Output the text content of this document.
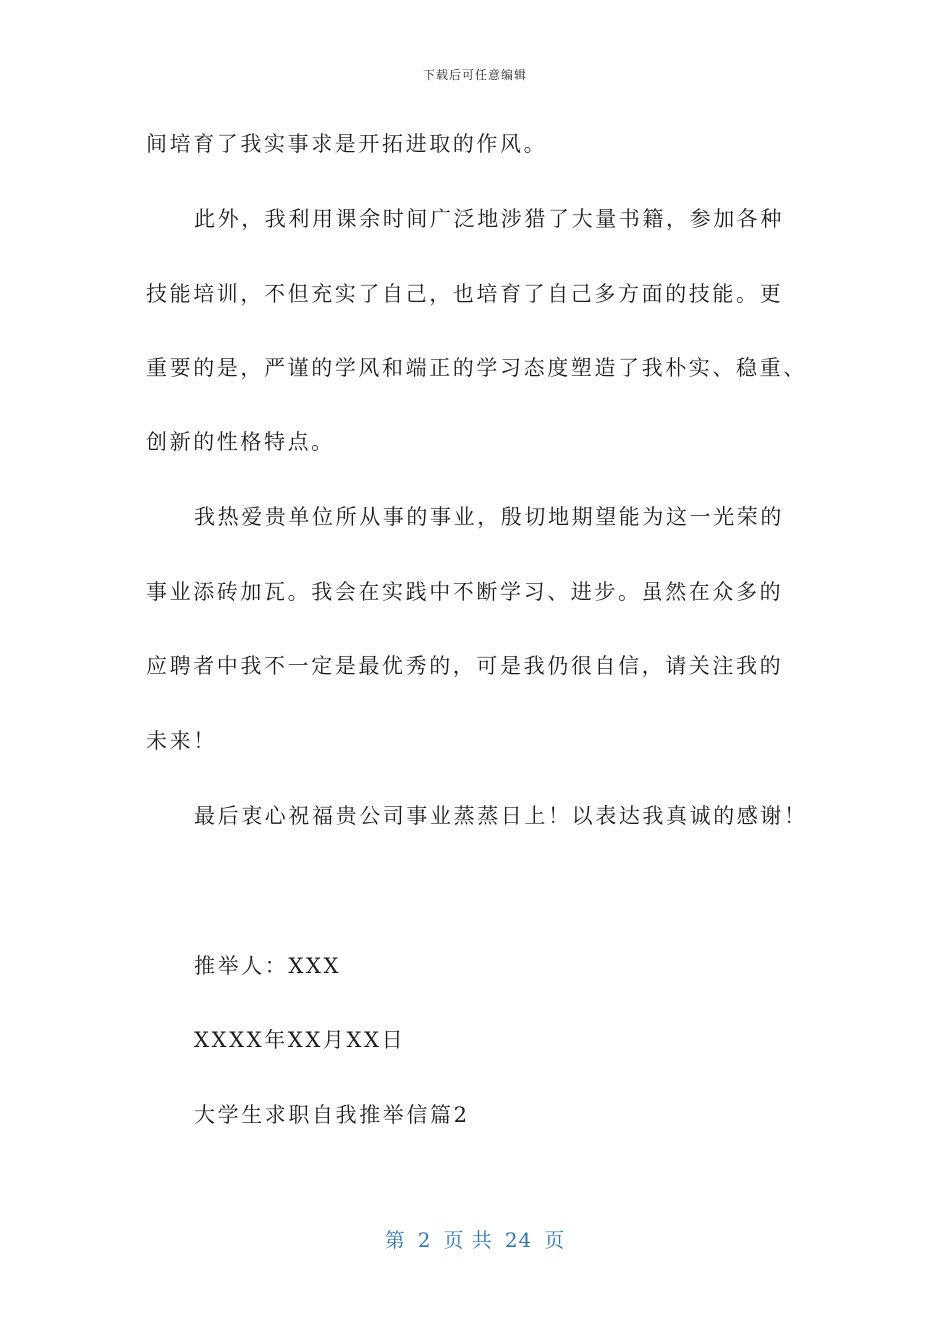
下载后可任意编辑
间培育了我实事求是开拓进取的作风。
此外，我利用课余时间广泛地涉猎了大量书籍，参加各种
技能培训，不但充实了自己，也培育了自己多方面的技能。更
重要的是，严谨的学风和端正的学习态度塑造了我朴实、稳重、
创新的性格特点。
我热爱贵单位所从事的事业，殷切地期望能为这一光荣的
事业添砖加瓦。我会在实践中不断学习、进步。虽然在众多的
应聘者中我不一定是最优秀的，可是我仍很自信，请关注我的
未来！
最后衷心祝福贵公司事业蒸蒸日上！以表达我真诚的感谢！
推举人：XXX
XXXX年XX月XX日
大学生求职自我推举信篇2
第 2 页 共 24 页
